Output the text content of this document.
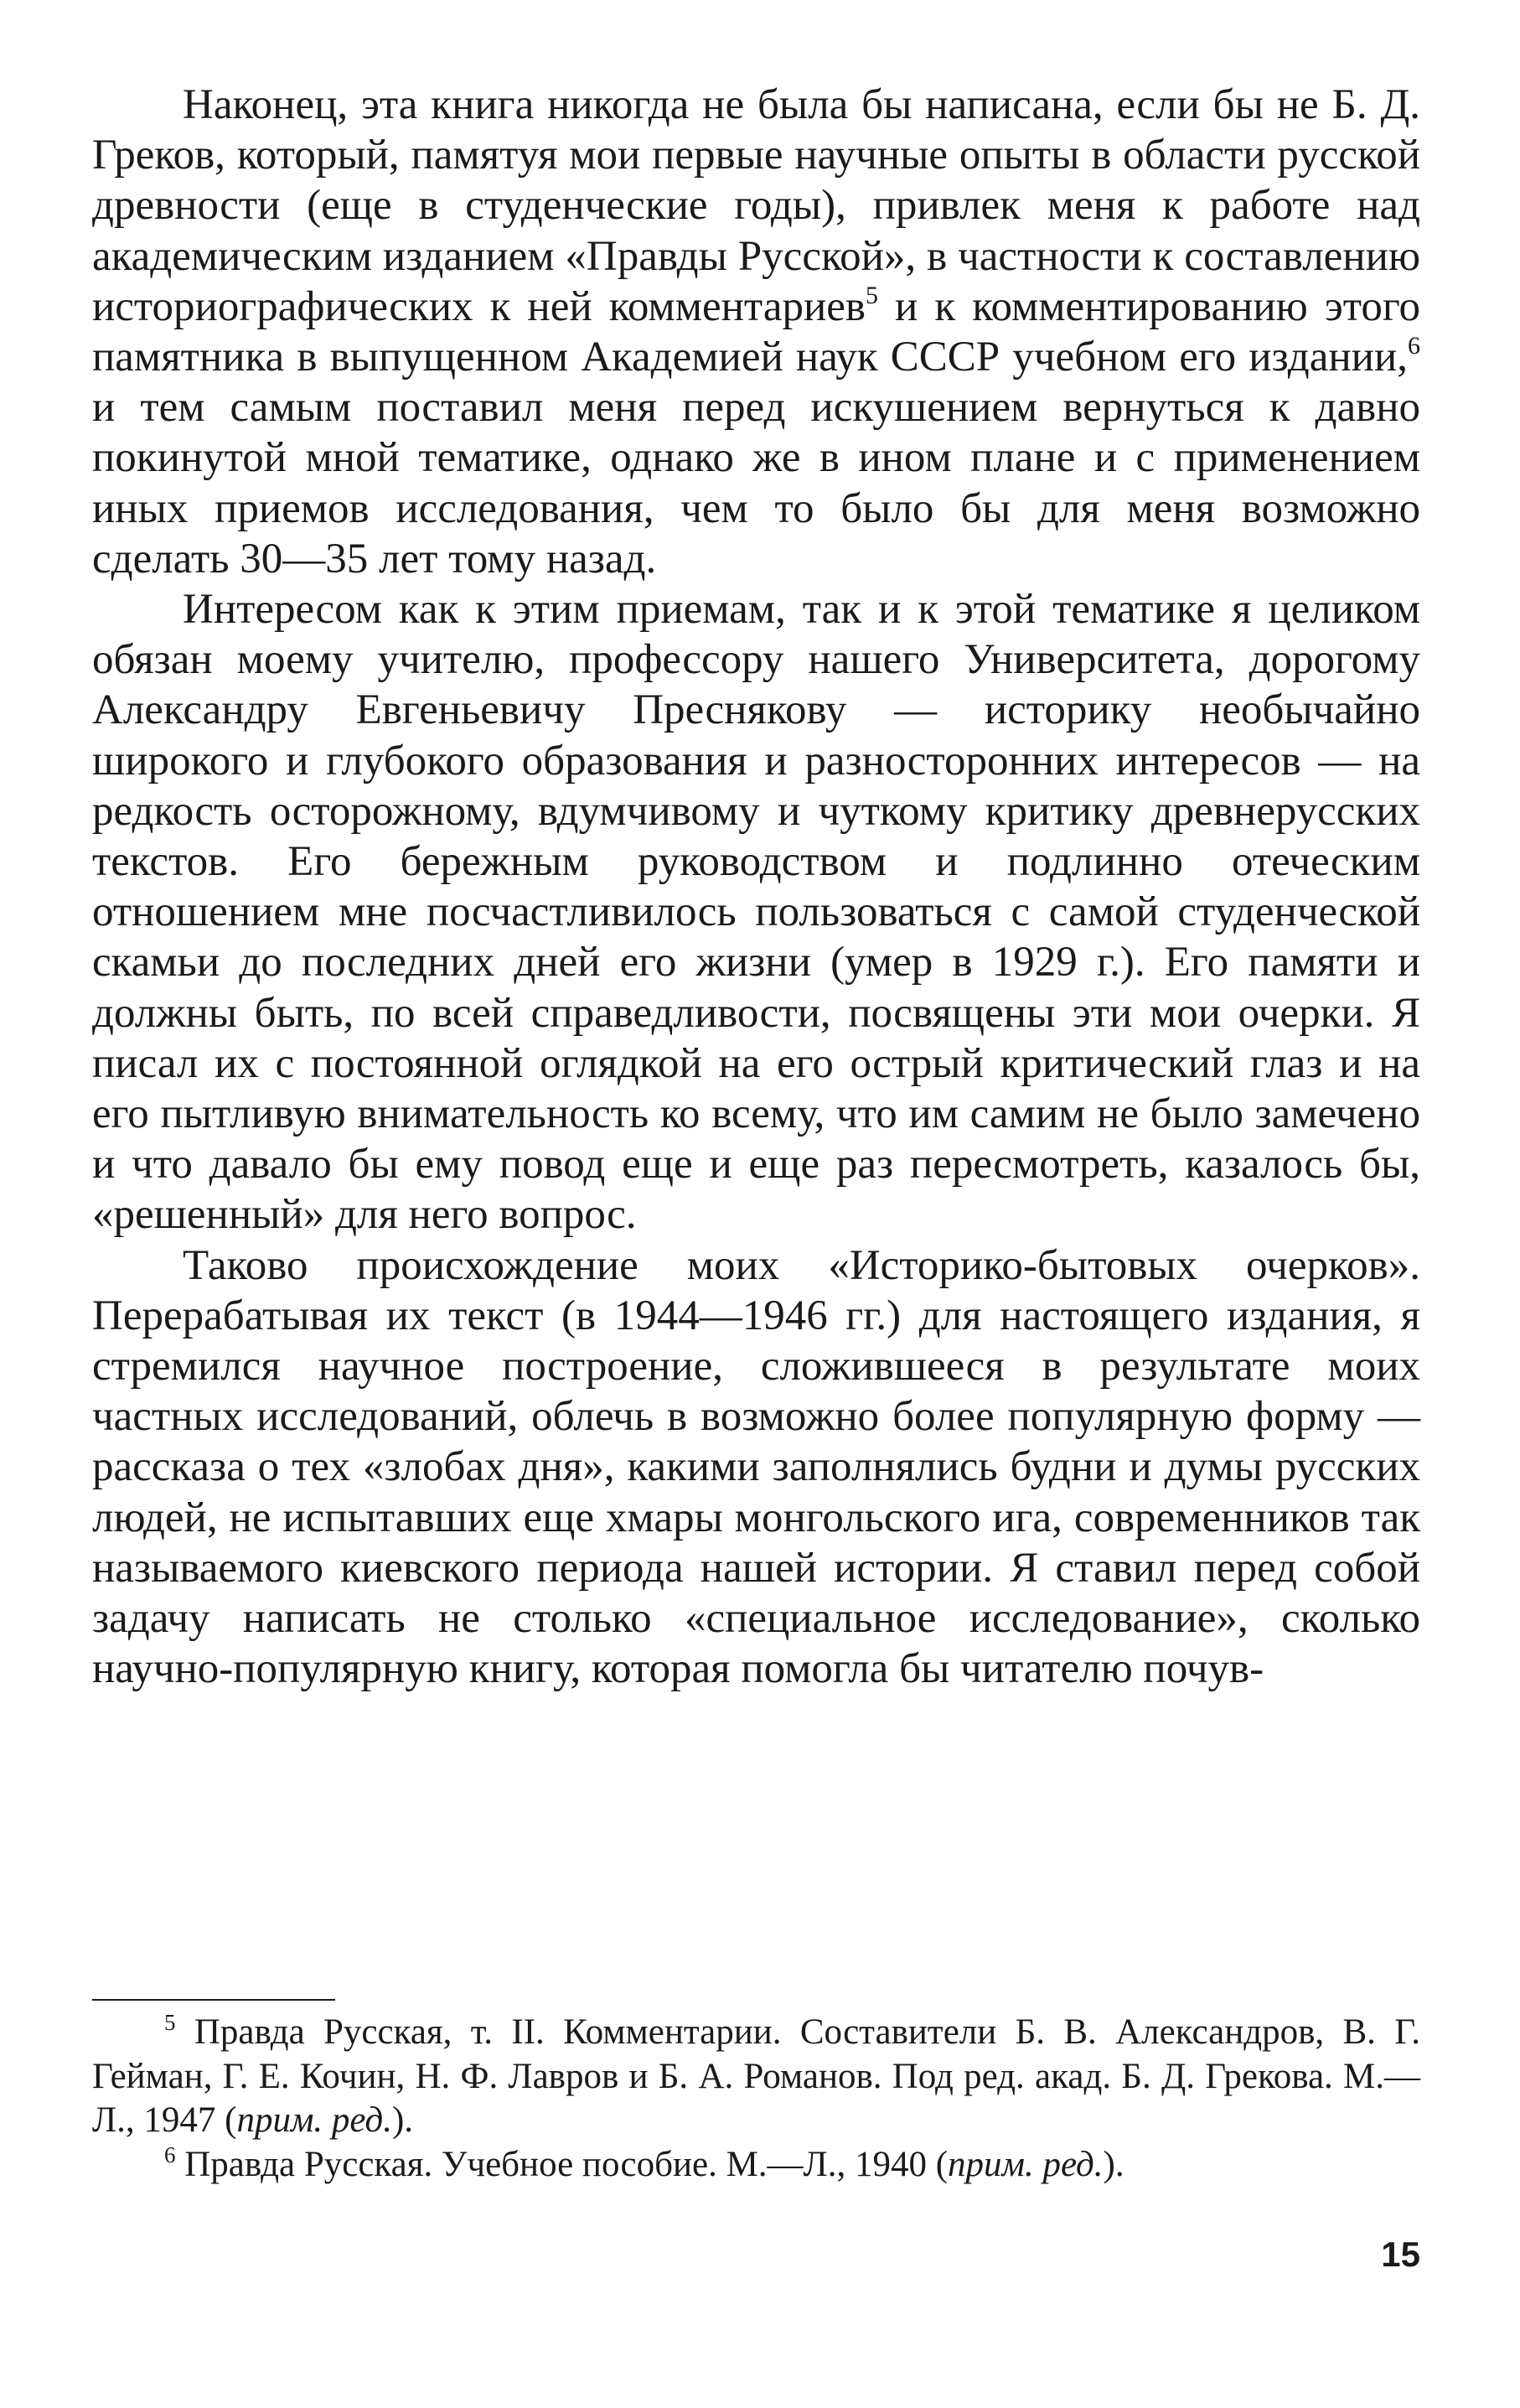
Наконец, эта книга никогда не была бы написана, если бы не Б. Д. Греков, который, памятуя мои первые научные опыты в области русской древности (еще в студенческие годы), привлек меня к работе над академическим изданием «Правды Русской», в частности к составлению историографических к ней комментариев$^5$ и к комментированию этого памятника в выпущенном Академией наук СССР учебном его издании,$^6$ и тем самым поставил меня перед искушением вернуться к давно покинутой мной тематике, однако же в ином плане и с применением иных приемов исследования, чем то было бы для меня возможно сделать 30—35 лет тому назад.

Интересом как к этим приемам, так и к этой тематике я целиком обязан моему учителю, профессору нашего Университета, дорогому Александру Евгеньевичу Преснякову — историку необычайно широкого и глубокого образования и разносторонних интересов — на редкость осторожному, вдумчивому и чуткому критику древнерусских текстов. Его бережным руководством и подлинно отеческим отношением мне посчастливилось пользоваться с самой студенческой скамьи до последних дней его жизни (умер в 1929 г.). Его памяти и должны быть, по всей справедливости, посвящены эти мои очерки. Я писал их с постоянной оглядкой на его острый критический глаз и на его пытливую внимательность ко всему, что им самим не было замечено и что давало бы ему повод еще и еще раз пересмотреть, казалось бы, «решенный» для него вопрос.

Таково происхождение моих «Историко-бытовых очерков». Перерабатывая их текст (в 1944—1946 гг.) для настоящего издания, я стремился научное построение, сложившееся в результате моих частных исследований, облечь в возможно более популярную форму — рассказа о тех «злобах дня», какими заполнялись будни и думы русских людей, не испытавших еще хмары монгольского ига, современников так называемого киевского периода нашей истории. Я ставил перед собой задачу написать не столько «специальное исследование», сколько научно-популярную книгу, которая помогла бы читателю почув-

$^5$ Правда Русская, т. II. Комментарии. Составители Б. В. Александров, В. Г. Гейман, Г. Е. Кочин, Н. Ф. Лавров и Б. А. Романов. Под ред. акад. Б. Д. Грекова. М.—Л., 1947 (прим. ред.).

$^6$ Правда Русская. Учебное пособие. М.—Л., 1940 (прим. ред.).

15
